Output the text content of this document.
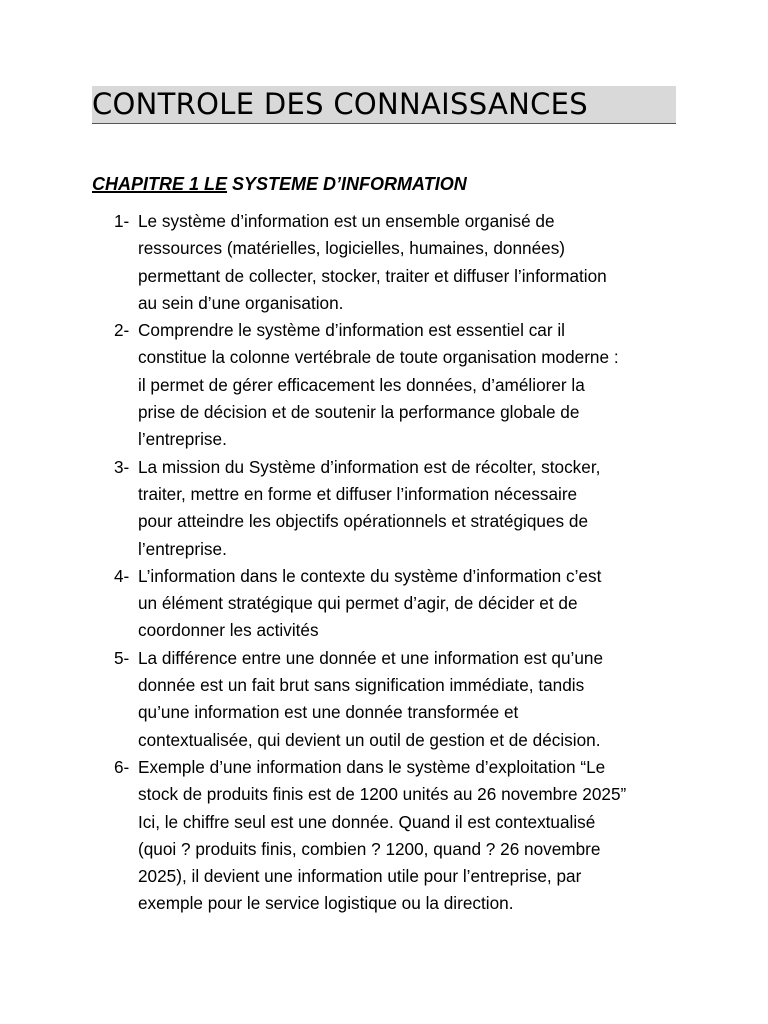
CONTROLE DES CONNAISSANCES
CHAPITRE 1 LE SYSTEME D’INFORMATION
1- Le système d’information est un ensemble organisé de
ressources (matérielles, logicielles, humaines, données)
permettant de collecter, stocker, traiter et diffuser l’information
au sein d’une organisation.
2- Comprendre le système d’information est essentiel car il
constitue la colonne vertébrale de toute organisation moderne :
il permet de gérer efficacement les données, d’améliorer la
prise de décision et de soutenir la performance globale de
l’entreprise.
3- La mission du Système d’information est de récolter, stocker,
traiter, mettre en forme et diffuser l’information nécessaire
pour atteindre les objectifs opérationnels et stratégiques de
l’entreprise.
4- L’information dans le contexte du système d’information c’est
un élément stratégique qui permet d’agir, de décider et de
coordonner les activités
5- La différence entre une donnée et une information est qu’une
donnée est un fait brut sans signification immédiate, tandis
qu’une information est une donnée transformée et
contextualisée, qui devient un outil de gestion et de décision.
6- Exemple d’une information dans le système d’exploitation “Le
stock de produits finis est de 1200 unités au 26 novembre 2025”
Ici, le chiffre seul est une donnée. Quand il est contextualisé
(quoi ? produits finis, combien ? 1200, quand ? 26 novembre
2025), il devient une information utile pour l’entreprise, par
exemple pour le service logistique ou la direction.
